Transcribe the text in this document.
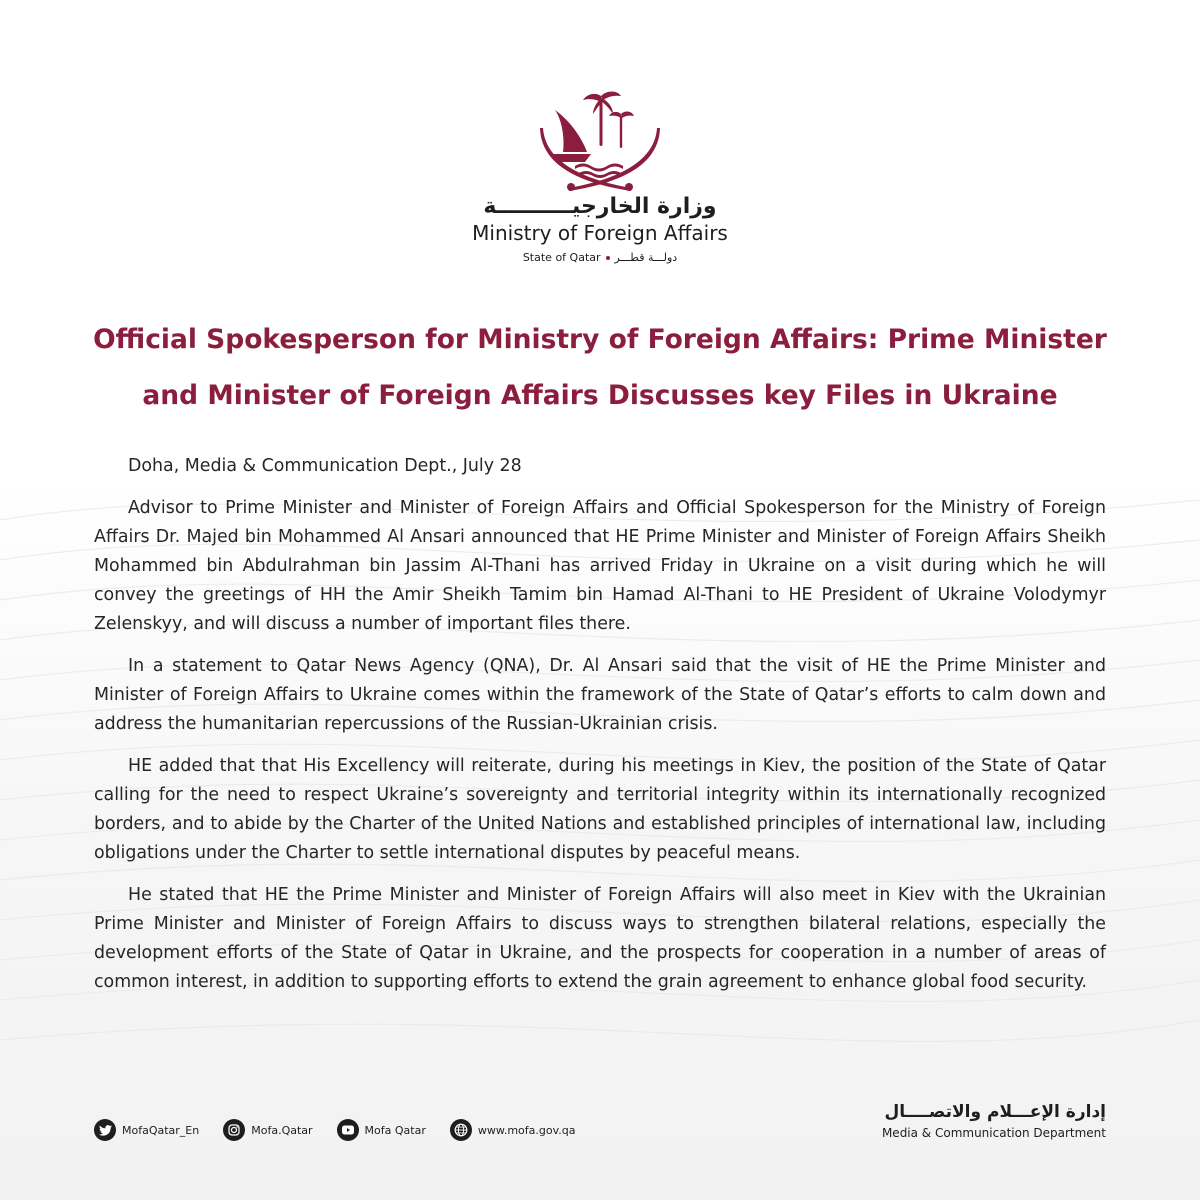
وزارة الخارجيــــــــــة
Ministry of Foreign Affairs
State of Qatar دولـــة قطـــر
Official Spokesperson for Ministry of Foreign Affairs: Prime Minister
and Minister of Foreign Affairs Discusses key Files in Ukraine

Doha, Media & Communication Dept., July 28

Advisor to Prime Minister and Minister of Foreign Affairs and Official Spokesperson for the Ministry of Foreign Affairs Dr. Majed bin Mohammed Al Ansari announced that HE Prime Minister and Minister of Foreign Affairs Sheikh Mohammed bin Abdulrahman bin Jassim Al-Thani has arrived Friday in Ukraine on a visit during which he will convey the greetings of HH the Amir Sheikh Tamim bin Hamad Al-Thani to HE President of Ukraine Volodymyr Zelenskyy, and will discuss a number of important files there.

In a statement to Qatar News Agency (QNA), Dr. Al Ansari said that the visit of HE the Prime Minister and Minister of Foreign Affairs to Ukraine comes within the framework of the State of Qatar’s efforts to calm down and address the humanitarian repercussions of the Russian-Ukrainian crisis.

HE added that that His Excellency will reiterate, during his meetings in Kiev, the position of the State of Qatar calling for the need to respect Ukraine’s sovereignty and territorial integrity within its internationally recognized borders, and to abide by the Charter of the United Nations and established principles of international law, including obligations under the Charter to settle international disputes by peaceful means.

He stated that HE the Prime Minister and Minister of Foreign Affairs will also meet in Kiev with the Ukrainian Prime Minister and Minister of Foreign Affairs to discuss ways to strengthen bilateral relations, especially the development efforts of the State of Qatar in Ukraine, and the prospects for cooperation in a number of areas of common interest, in addition to supporting efforts to extend the grain agreement to enhance global food security.

MofaQatar_En	Mofa.Qatar	Mofa Qatar	www.mofa.gov.qa
إدارة الإعـــلام والاتصــــال
Media & Communication Department
